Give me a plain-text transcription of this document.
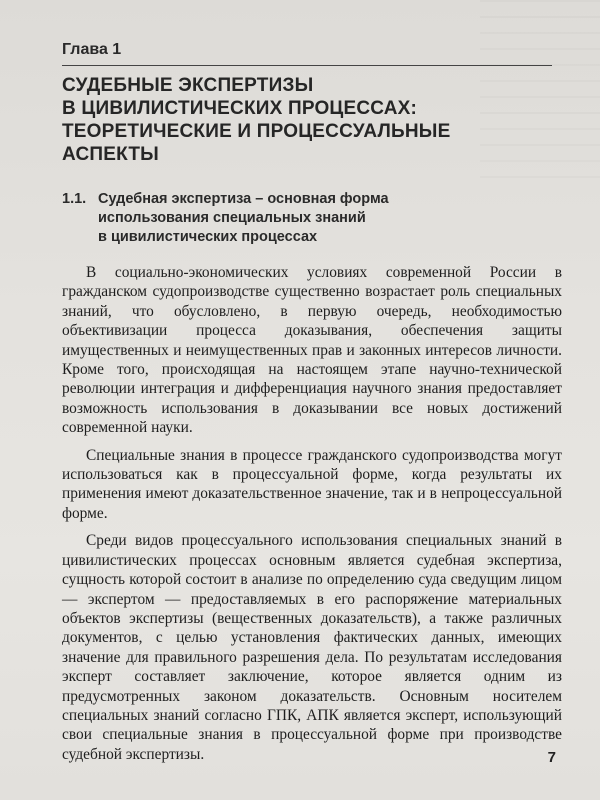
Глава 1
СУДЕБНЫЕ ЭКСПЕРТИЗЫ
В ЦИВИЛИСТИЧЕСКИХ ПРОЦЕССАХ:
ТЕОРЕТИЧЕСКИЕ И ПРОЦЕССУАЛЬНЫЕ
АСПЕКТЫ
1.1. Судебная экспертиза – основная форма
использования специальных знаний
в цивилистических процессах

В социально-экономических условиях современной России в гражданском судопроизводстве существенно возрастает роль специальных знаний, что обусловлено, в первую очередь, необходимостью объективизации процесса доказывания, обеспечения защиты имущественных и неимущественных прав и законных интересов личности. Кроме того, происходящая на настоящем этапе научно-технической революции интеграция и дифференциация научного знания предоставляет возможность использования в доказывании все новых достижений современной науки.

Специальные знания в процессе гражданского судопроизводства могут использоваться как в процессуальной форме, когда результаты их применения имеют доказательственное значение, так и в непроцессуальной форме.

Среди видов процессуального использования специальных знаний в цивилистических процессах основным является судебная экспертиза, сущность которой состоит в анализе по определению суда сведущим лицом — экспертом — предоставляемых в его распоряжение материальных объектов экспертизы (вещественных доказательств), а также различных документов, с целью установления фактических данных, имеющих значение для правильного разрешения дела. По результатам исследования эксперт составляет заключение, которое является одним из предусмотренных законом доказательств. Основным носителем специальных знаний согласно ГПК, АПК является эксперт, использующий свои специальные знания в процессуальной форме при производстве судебной экспертизы.	7
